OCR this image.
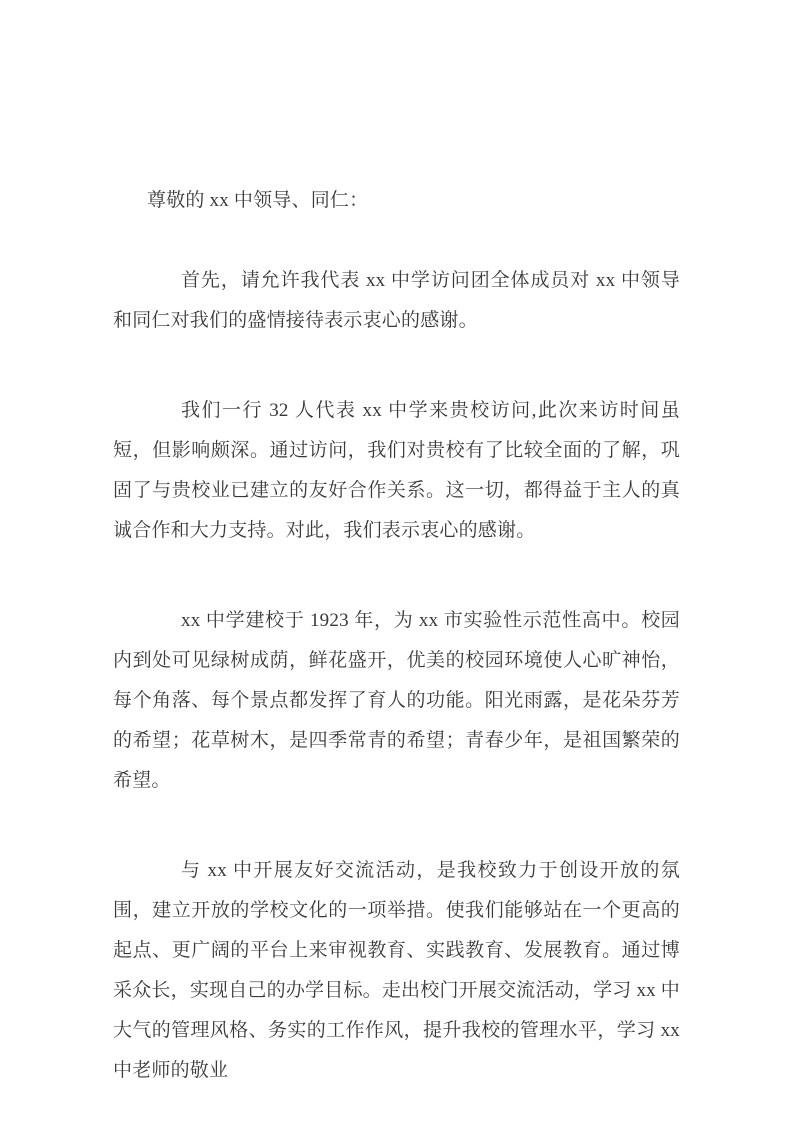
尊敬的 xx 中领导、同仁：

首先，请允许我代表 xx 中学访问团全体成员对 xx 中领导和同仁对我们的盛情接待表示衷心的感谢。

我们一行 32 人代表 xx 中学来贵校访问,此次来访时间虽短，但影响颇深。通过访问，我们对贵校有了比较全面的了解，巩固了与贵校业已建立的友好合作关系。这一切，都得益于主人的真诚合作和大力支持。对此，我们表示衷心的感谢。

xx 中学建校于 1923 年，为 xx 市实验性示范性高中。校园内到处可见绿树成荫，鲜花盛开，优美的校园环境使人心旷神怡，每个角落、每个景点都发挥了育人的功能。阳光雨露，是花朵芬芳的希望；花草树木，是四季常青的希望；青春少年，是祖国繁荣的希望。

与 xx 中开展友好交流活动，是我校致力于创设开放的氛围，建立开放的学校文化的一项举措。使我们能够站在一个更高的起点、更广阔的平台上来审视教育、实践教育、发展教育。通过博采众长，实现自己的办学目标。走出校门开展交流活动，学习 xx 中大气的管理风格、务实的工作作风，提升我校的管理水平，学习 xx 中老师的敬业
